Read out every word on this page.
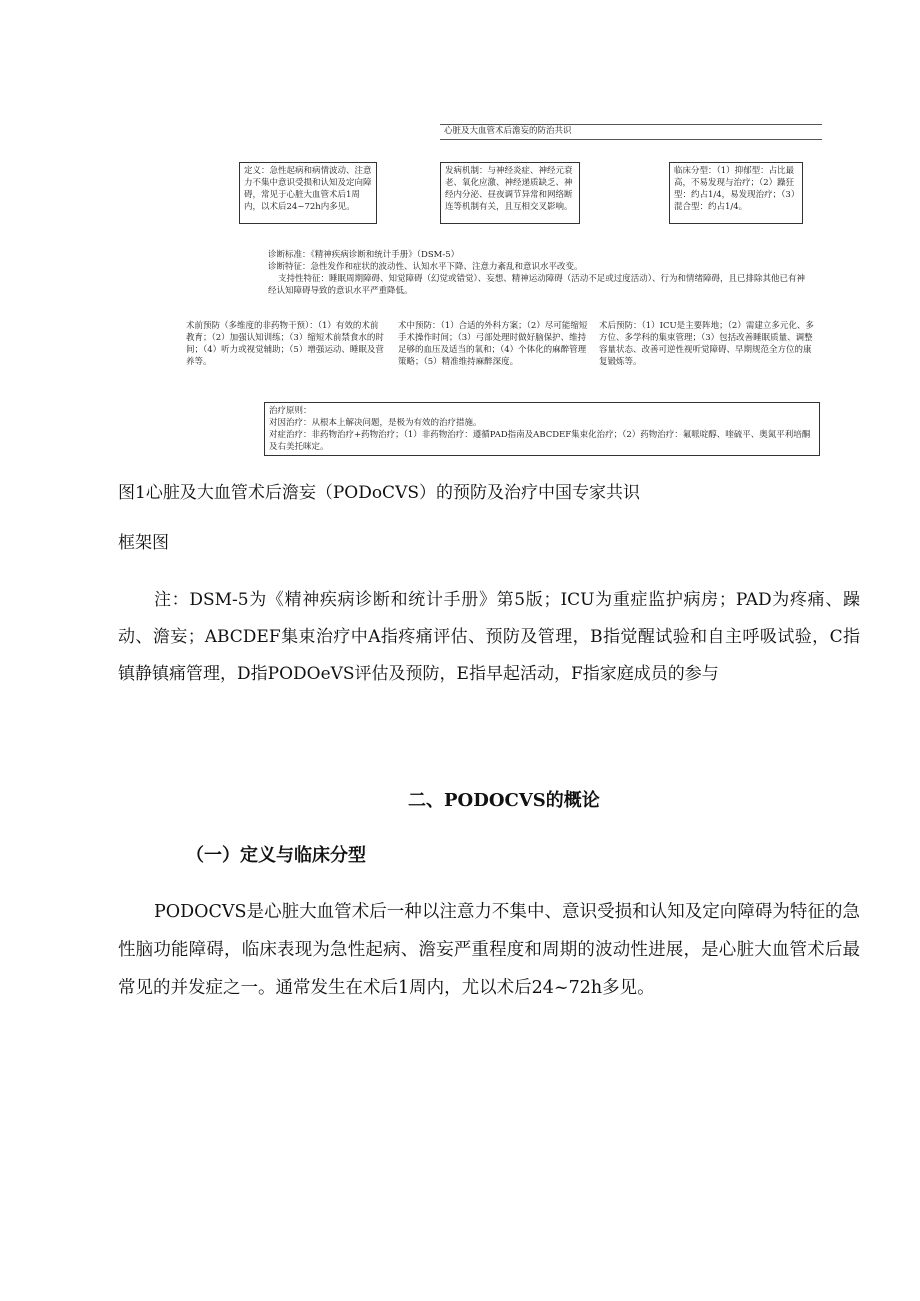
心脏及大血管术后澹妄的防治共识
定义：急性起病和病情波动、注意力不集中意识受损和认知及定向障碍，常见于心脏大血管术后1周内，以术后24~72h内多见。
发病机制：与神经炎症、神经元衰老、氧化应激、神经递质缺乏、神经内分泌、昼夜调节异常和网络断连等机制有关，且互相交叉影响。
临床分型：（1）抑郁型：占比最高，不易发现与治疗；（2）躁狂型：约占1/4，易发现治疗；（3）混合型：约占1/4。
诊断标准：《精神疾病诊断和统计手册》（DSM-5）
诊断特征：急性发作和症状的波动性、认知水平下降、注意力紊乱和意识水平改变。
支持性特征：睡眠周期障碍、知觉障碍（幻觉或错觉）、妄想、精神运动障碍（活动不足或过度活动）、行为和情绪障碍，且已排除其他已有神经认知障碍导致的意识水平严重降低。
术前预防（多维度的非药物干预）：（1）有效的术前教育；（2）加强认知训练；（3）缩短术前禁食水的时间；（4）听力或视觉辅助；（5）增强运动、睡眠及营养等。
术中预防：（1）合适的外科方案；（2）尽可能缩短手术操作时间；（3）弓部处理时做好脑保护、维持足够的血压及适当的氧和；（4）个体化的麻醉管理策略；（5）精准维持麻醉深度。
术后预防：（1）ICU是主要阵地；（2）需建立多元化、多方位、多学科的集束管理；（3）包括改善睡眠质量、调整容量状态、改善可逆性视听觉障碍、早期规范全方位的康复锻炼等。
治疗原则：
对因治疗：从根本上解决问题，是极为有效的治疗措施。
对症治疗：非药物治疗+药物治疗；（1）非药物治疗：遵循PAD指南及ABCDEF集束化治疗；（2）药物治疗：氟哌啶醇、喹硫平、奥氮平利培酮及右美托咪定。
图1心脏及大血管术后澹妄（PODoCVS）的预防及治疗中国专家共识
框架图
注：DSM-5为《精神疾病诊断和统计手册》第5版；ICU为重症监护病房；PAD为疼痛、躁动、澹妄；ABCDEF集束治疗中A指疼痛评估、预防及管理，B指觉醒试验和自主呼吸试验，C指镇静镇痛管理，D指PODOeVS评估及预防，E指早起活动，F指家庭成员的参与
二、PODOCVS的概论
（一）定义与临床分型
PODOCVS是心脏大血管术后一种以注意力不集中、意识受损和认知及定向障碍为特征的急性脑功能障碍，临床表现为急性起病、澹妄严重程度和周期的波动性进展，是心脏大血管术后最常见的并发症之一。通常发生在术后1周内，尤以术后24~72h多见。
